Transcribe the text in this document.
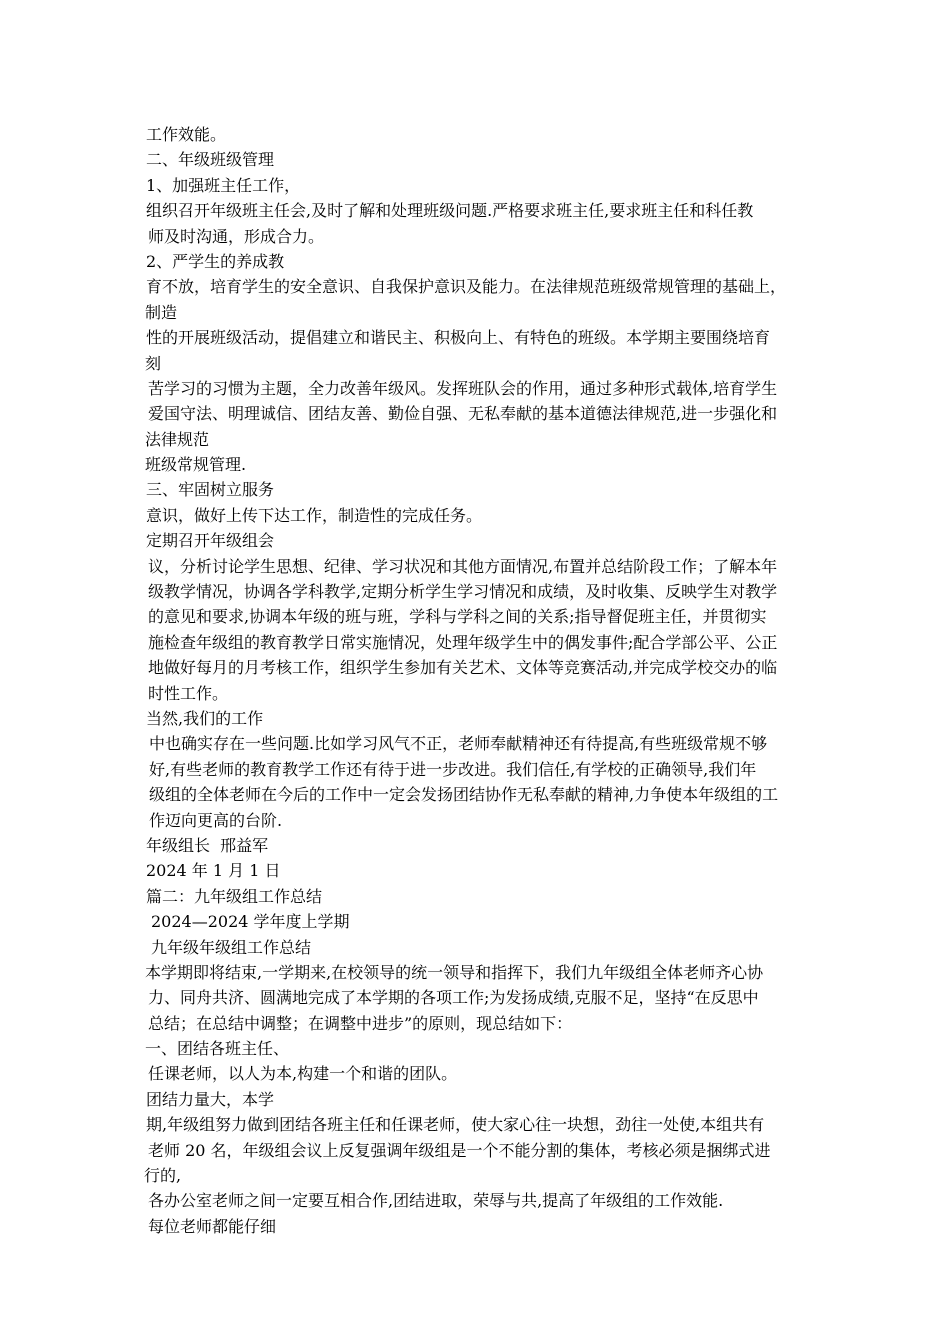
工作效能。
二、年级班级管理
1、加强班主任工作，
组织召开年级班主任会,及时了解和处理班级问题.严格要求班主任,要求班主任和科任教
师及时沟通，形成合力。
2、严学生的养成教
育不放，培育学生的安全意识、自我保护意识及能力。在法律规范班级常规管理的基础上，
制造
性的开展班级活动，提倡建立和谐民主、积极向上、有特色的班级。本学期主要围绕培育
刻
苦学习的习惯为主题，全力改善年级风。发挥班队会的作用，通过多种形式载体,培育学生
爱国守法、明理诚信、团结友善、勤俭自强、无私奉献的基本道德法律规范,进一步强化和
法律规范
班级常规管理.
三、牢固树立服务
意识，做好上传下达工作，制造性的完成任务。
定期召开年级组会
议，分析讨论学生思想、纪律、学习状况和其他方面情况,布置并总结阶段工作；了解本年
级教学情况，协调各学科教学,定期分析学生学习情况和成绩，及时收集、反映学生对教学
的意见和要求,协调本年级的班与班，学科与学科之间的关系;指导督促班主任，并贯彻实
施检查年级组的教育教学日常实施情况，处理年级学生中的偶发事件;配合学部公平、公正
地做好每月的月考核工作，组织学生参加有关艺术、文体等竞赛活动,并完成学校交办的临
时性工作。
当然,我们的工作
中也确实存在一些问题.比如学习风气不正，老师奉献精神还有待提高,有些班级常规不够
好,有些老师的教育教学工作还有待于进一步改进。我们信任,有学校的正确领导,我们年
级组的全体老师在今后的工作中一定会发扬团结协作无私奉献的精神,力争使本年级组的工
作迈向更高的台阶.
年级组长  邢益军
2024 年 1 月 1 日
篇二：九年级组工作总结
2024—2024 学年度上学期
九年级年级组工作总结
本学期即将结束,一学期来,在校领导的统一领导和指挥下，我们九年级组全体老师齐心协
力、同舟共济、圆满地完成了本学期的各项工作;为发扬成绩,克服不足，坚持“在反思中
总结；在总结中调整；在调整中进步”的原则，现总结如下：
一、团结各班主任、
任课老师，以人为本,构建一个和谐的团队。
团结力量大，本学
期,年级组努力做到团结各班主任和任课老师，使大家心往一块想，劲往一处使,本组共有
老师 20 名，年级组会议上反复强调年级组是一个不能分割的集体，考核必须是捆绑式进
行的,
各办公室老师之间一定要互相合作,团结进取，荣辱与共,提高了年级组的工作效能.
每位老师都能仔细
